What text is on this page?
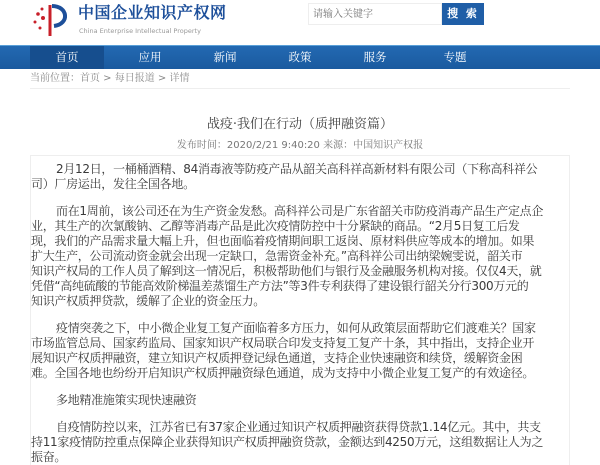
中国企业知识产权网
China Enterprise Intellectual Property
请输入关键字
搜 索
首页	应用	新闻	政策	服务	专题
当前位置：首页 > 每日报道 > 详情
战疫·我们在行动（质押融资篇）
发布时间：2020/2/21 9:40:20 来源：中国知识产权报
2月12日，一桶桶酒精、84消毒液等防疫产品从韶关高科祥高新材料有限公司（下称高科祥公
司）厂房运出，发往全国各地。
而在1周前，该公司还在为生产资金发愁。高科祥公司是广东省韶关市防疫消毒产品生产定点企
业，其生产的次氯酸钠、乙醇等消毒产品是此次疫情防控中十分紧缺的商品。“2月5日复工后发
现，我们的产品需求量大幅上升，但也面临着疫情期间职工返岗、原材料供应等成本的增加。如果
扩大生产，公司流动资金就会出现一定缺口，急需资金补充。”高科祥公司出纳梁婉雯说，韶关市
知识产权局的工作人员了解到这一情况后，积极帮助他们与银行及金融服务机构对接。仅仅4天，就
凭借“高纯硫酸的节能高效阶梯温差蒸馏生产方法”等3件专利获得了建设银行韶关分行300万元的
知识产权质押贷款，缓解了企业的资金压力。
疫情突袭之下，中小微企业复工复产面临着多方压力，如何从政策层面帮助它们渡难关？国家
市场监管总局、国家药监局、国家知识产权局联合印发支持复工复产十条，其中指出，支持企业开
展知识产权质押融资，建立知识产权质押登记绿色通道，支持企业快速融资和续贷，缓解资金困
难。全国各地也纷纷开启知识产权质押融资绿色通道，成为支持中小微企业复工复产的有效途径。
多地精准施策实现快速融资
自疫情防控以来，江苏省已有37家企业通过知识产权质押融资获得贷款1.14亿元。其中，共支
持11家疫情防控重点保障企业获得知识产权质押融资贷款，金额达到4250万元，这组数据让人为之
振奋。
